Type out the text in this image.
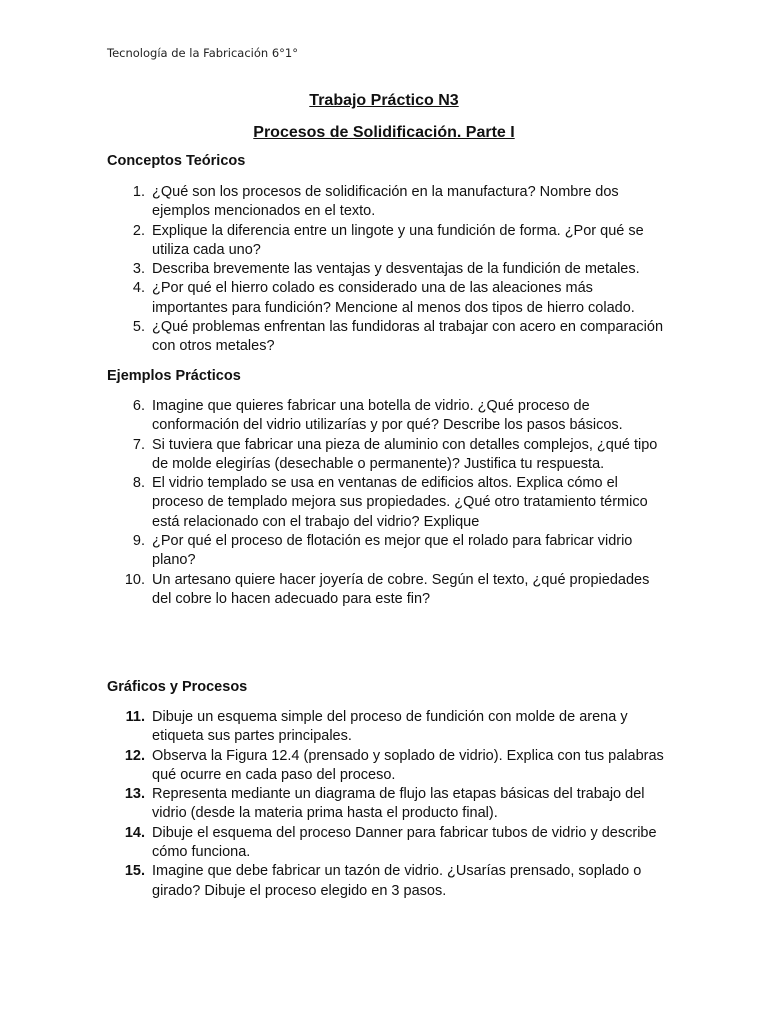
Tecnología de la Fabricación 6°1°
Trabajo Práctico N3
Procesos de Solidificación. Parte I
Conceptos Teóricos
1. ¿Qué son los procesos de solidificación en la manufactura? Nombre dos ejemplos mencionados en el texto.
2. Explique la diferencia entre un lingote y una fundición de forma. ¿Por qué se utiliza cada uno?
3. Describa brevemente las ventajas y desventajas de la fundición de metales.
4. ¿Por qué el hierro colado es considerado una de las aleaciones más importantes para fundición? Mencione al menos dos tipos de hierro colado.
5. ¿Qué problemas enfrentan las fundidoras al trabajar con acero en comparación con otros metales?
Ejemplos Prácticos
6. Imagine que quieres fabricar una botella de vidrio. ¿Qué proceso de conformación del vidrio utilizarías y por qué? Describe los pasos básicos.
7. Si tuviera que fabricar una pieza de aluminio con detalles complejos, ¿qué tipo de molde elegirías (desechable o permanente)? Justifica tu respuesta.
8. El vidrio templado se usa en ventanas de edificios altos. Explica cómo el proceso de templado mejora sus propiedades. ¿Qué otro tratamiento térmico está relacionado con el trabajo del vidrio? Explique
9. ¿Por qué el proceso de flotación es mejor que el rolado para fabricar vidrio plano?
10. Un artesano quiere hacer joyería de cobre. Según el texto, ¿qué propiedades del cobre lo hacen adecuado para este fin?
Gráficos y Procesos
11. Dibuje un esquema simple del proceso de fundición con molde de arena y etiqueta sus partes principales.
12. Observa la Figura 12.4 (prensado y soplado de vidrio). Explica con tus palabras qué ocurre en cada paso del proceso.
13. Representa mediante un diagrama de flujo las etapas básicas del trabajo del vidrio (desde la materia prima hasta el producto final).
14. Dibuje el esquema del proceso Danner para fabricar tubos de vidrio y describe cómo funciona.
15. Imagine que debe fabricar un tazón de vidrio. ¿Usarías prensado, soplado o girado? Dibuje el proceso elegido en 3 pasos.
